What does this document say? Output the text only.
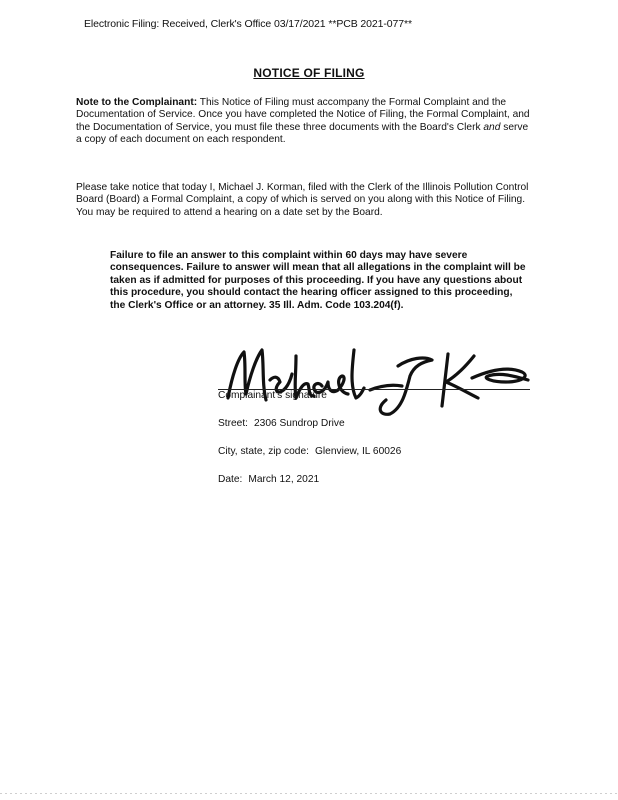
Electronic Filing: Received, Clerk's Office 03/17/2021 **PCB 2021-077**
NOTICE OF FILING
Note to the Complainant: This Notice of Filing must accompany the Formal Complaint and the Documentation of Service. Once you have completed the Notice of Filing, the Formal Complaint, and the Documentation of Service, you must file these three documents with the Board's Clerk and serve a copy of each document on each respondent.
Please take notice that today I, Michael J. Korman, filed with the Clerk of the Illinois Pollution Control Board (Board) a Formal Complaint, a copy of which is served on you along with this Notice of Filing. You may be required to attend a hearing on a date set by the Board.
Failure to file an answer to this complaint within 60 days may have severe consequences. Failure to answer will mean that all allegations in the complaint will be taken as if admitted for purposes of this proceeding. If you have any questions about this procedure, you should contact the hearing officer assigned to this proceeding, the Clerk's Office or an attorney. 35 Ill. Adm. Code 103.204(f).
Complainant's signature
Street: 2306 Sundrop Drive
City, state, zip code: Glenview, IL 60026
Date: March 12, 2021
